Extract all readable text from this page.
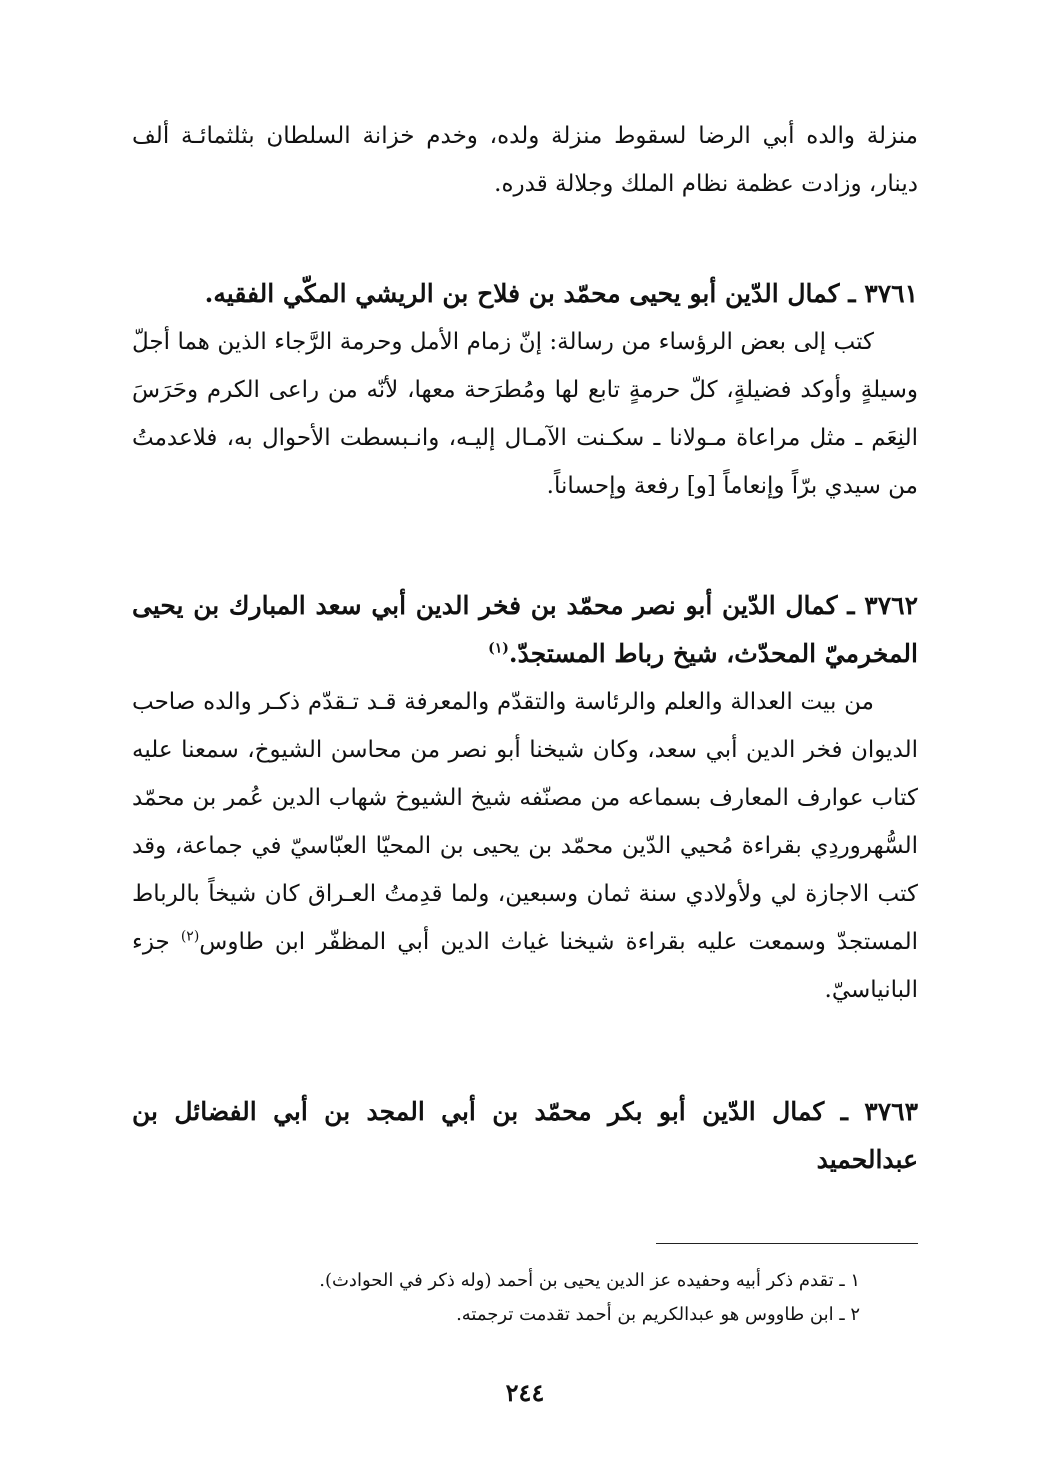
منزلة والده أبي الرضا لسقوط منزلة ولده، وخدم خزانة السلطان بثلثمائـة ألف دينار، وزادت عظمة نظام الملك وجلالة قدره.

٣٧٦١ ـ كمال الدّين أبو يحيى محمّد بن فلاح بن الريشي المكّي الفقيه.

كتب إلى بعض الرؤساء من رسالة: إنّ زمام الأمل وحرمة الرَّجاء الذين هما أجلّ وسيلةٍ وأوكد فضيلةٍ، كلّ حرمةٍ تابع لها ومُطرَحة معها، لأنّه من راعى الكرم وحَرَسَ النِعَم ـ مثل مراعاة مـولانا ـ سكـنت الآمـال إليـه، وانـبسطت الأحوال به، فلاعدمتُ من سيدي برّاً وإنعاماً [و] رفعة وإحساناً.

٣٧٦٢ ـ كمال الدّين أبو نصر محمّد بن فخر الدين أبي سعد المبارك بن يحيى المخرميّ المحدّث، شيخ رباط المستجدّ.$^{(١)}$

من بيت العدالة والعلم والرئاسة والتقدّم والمعرفة قـد تـقدّم ذكـر والده صاحب الديوان فخر الدين أبي سعد، وكان شيخنا أبو نصر من محاسن الشيوخ، سمعنا عليه كتاب عوارف المعارف بسماعه من مصنّفه شيخ الشيوخ شهاب الدين عُمر بن محمّد السُّهروردِي بقراءة مُحيي الدّين محمّد بن يحيى بن المحيّا العبّاسيّ في جماعة، وقد كتب الاجازة لي ولأولادي سنة ثمان وسبعين، ولما قدِمتُ العـراق كان شيخاً بالرباط المستجدّ وسمعت عليه بقراءة شيخنا غياث الدين أبي المظفّر ابن طاوس$^{(٢)}$ جزء البانياسيّ.

٣٧٦٣ ـ كمال الدّين أبو بكر محمّد بن أبي المجد بن أبي الفضائل بن عبدالحميد

١ ـ تقدم ذكر أبيه وحفيده عز الدين يحيى بن أحمد (وله ذكر في الحوادث).

٢ ـ ابن طاووس هو عبدالكريم بن أحمد تقدمت ترجمته.

٢٤٤
